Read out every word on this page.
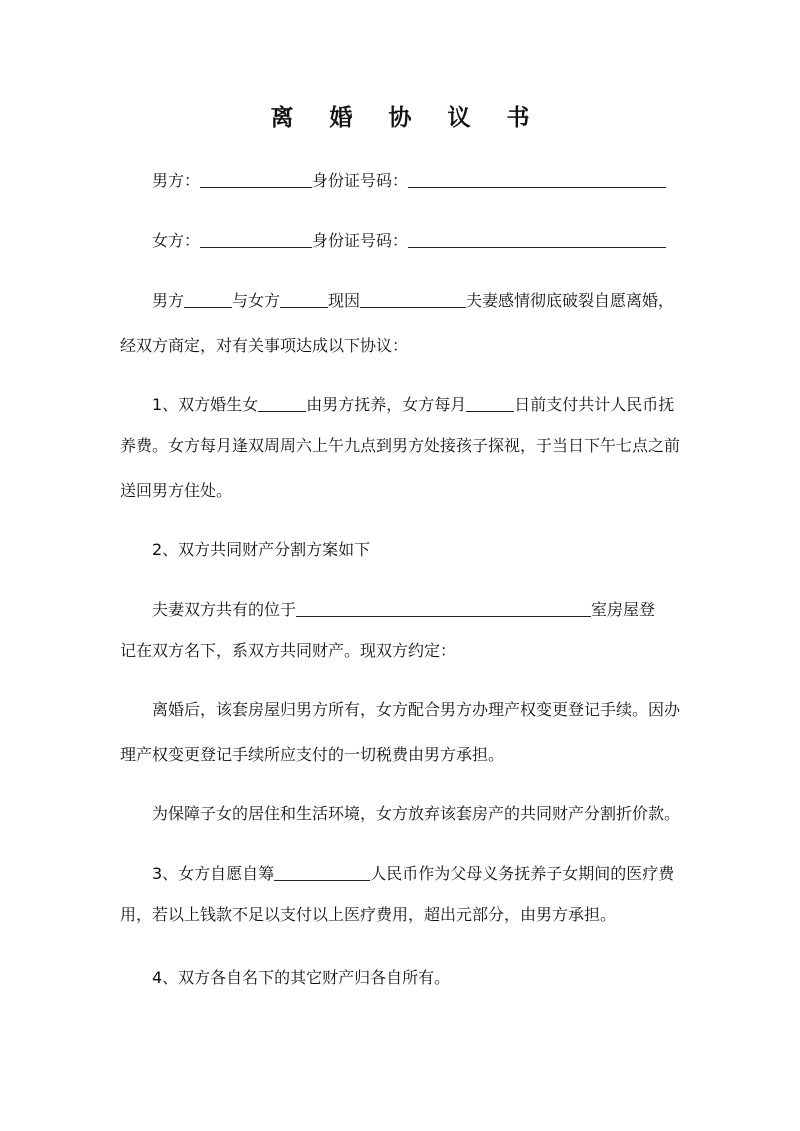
离 婚 协 议 书
男方：	身份证号码：
女方：	身份证号码：
男方	与女方	现因	夫妻感情彻底破裂自愿离婚，
经双方商定，对有关事项达成以下协议：
1、双方婚生女	由男方抚养，女方每月	日前支付共计人民币抚
养费。女方每月逢双周周六上午九点到男方处接孩子探视，于当日下午七点之前
送回男方住处。
2、双方共同财产分割方案如下
夫妻双方共有的位于	室房屋登
记在双方名下，系双方共同财产。现双方约定：
离婚后，该套房屋归男方所有，女方配合男方办理产权变更登记手续。因办
理产权变更登记手续所应支付的一切税费由男方承担。
为保障子女的居住和生活环境，女方放弃该套房产的共同财产分割折价款。
3、女方自愿自筹	人民币作为父母义务抚养子女期间的医疗费
用，若以上钱款不足以支付以上医疗费用，超出元部分，由男方承担。
4、双方各自名下的其它财产归各自所有。
